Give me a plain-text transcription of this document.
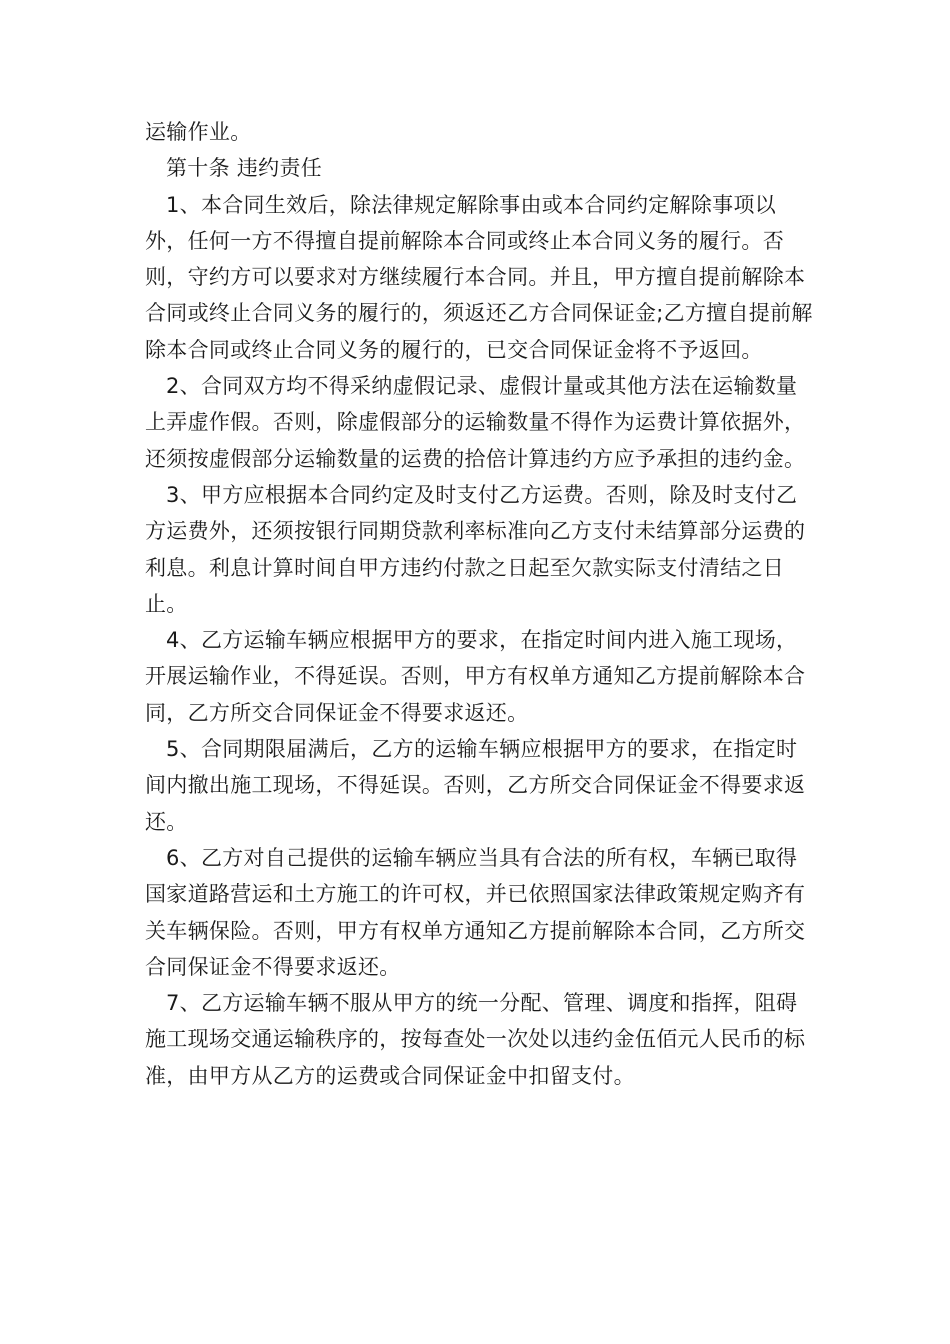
运输作业。

第十条 违约责任

1、本合同生效后，除法律规定解除事由或本合同约定解除事项以外，任何一方不得擅自提前解除本合同或终止本合同义务的履行。否则，守约方可以要求对方继续履行本合同。并且，甲方擅自提前解除本合同或终止合同义务的履行的，须返还乙方合同保证金;乙方擅自提前解除本合同或终止合同义务的履行的，已交合同保证金将不予返回。

2、合同双方均不得采纳虚假记录、虚假计量或其他方法在运输数量上弄虚作假。否则，除虚假部分的运输数量不得作为运费计算依据外，还须按虚假部分运输数量的运费的拾倍计算违约方应予承担的违约金。

3、甲方应根据本合同约定及时支付乙方运费。否则，除及时支付乙方运费外，还须按银行同期贷款利率标准向乙方支付未结算部分运费的利息。利息计算时间自甲方违约付款之日起至欠款实际支付清结之日止。

4、乙方运输车辆应根据甲方的要求，在指定时间内进入施工现场，开展运输作业，不得延误。否则，甲方有权单方通知乙方提前解除本合同，乙方所交合同保证金不得要求返还。

5、合同期限届满后，乙方的运输车辆应根据甲方的要求，在指定时间内撤出施工现场，不得延误。否则，乙方所交合同保证金不得要求返还。

6、乙方对自己提供的运输车辆应当具有合法的所有权，车辆已取得国家道路营运和土方施工的许可权，并已依照国家法律政策规定购齐有关车辆保险。否则，甲方有权单方通知乙方提前解除本合同，乙方所交合同保证金不得要求返还。

7、乙方运输车辆不服从甲方的统一分配、管理、调度和指挥，阻碍施工现场交通运输秩序的，按每查处一次处以违约金伍佰元人民币的标准，由甲方从乙方的运费或合同保证金中扣留支付。
